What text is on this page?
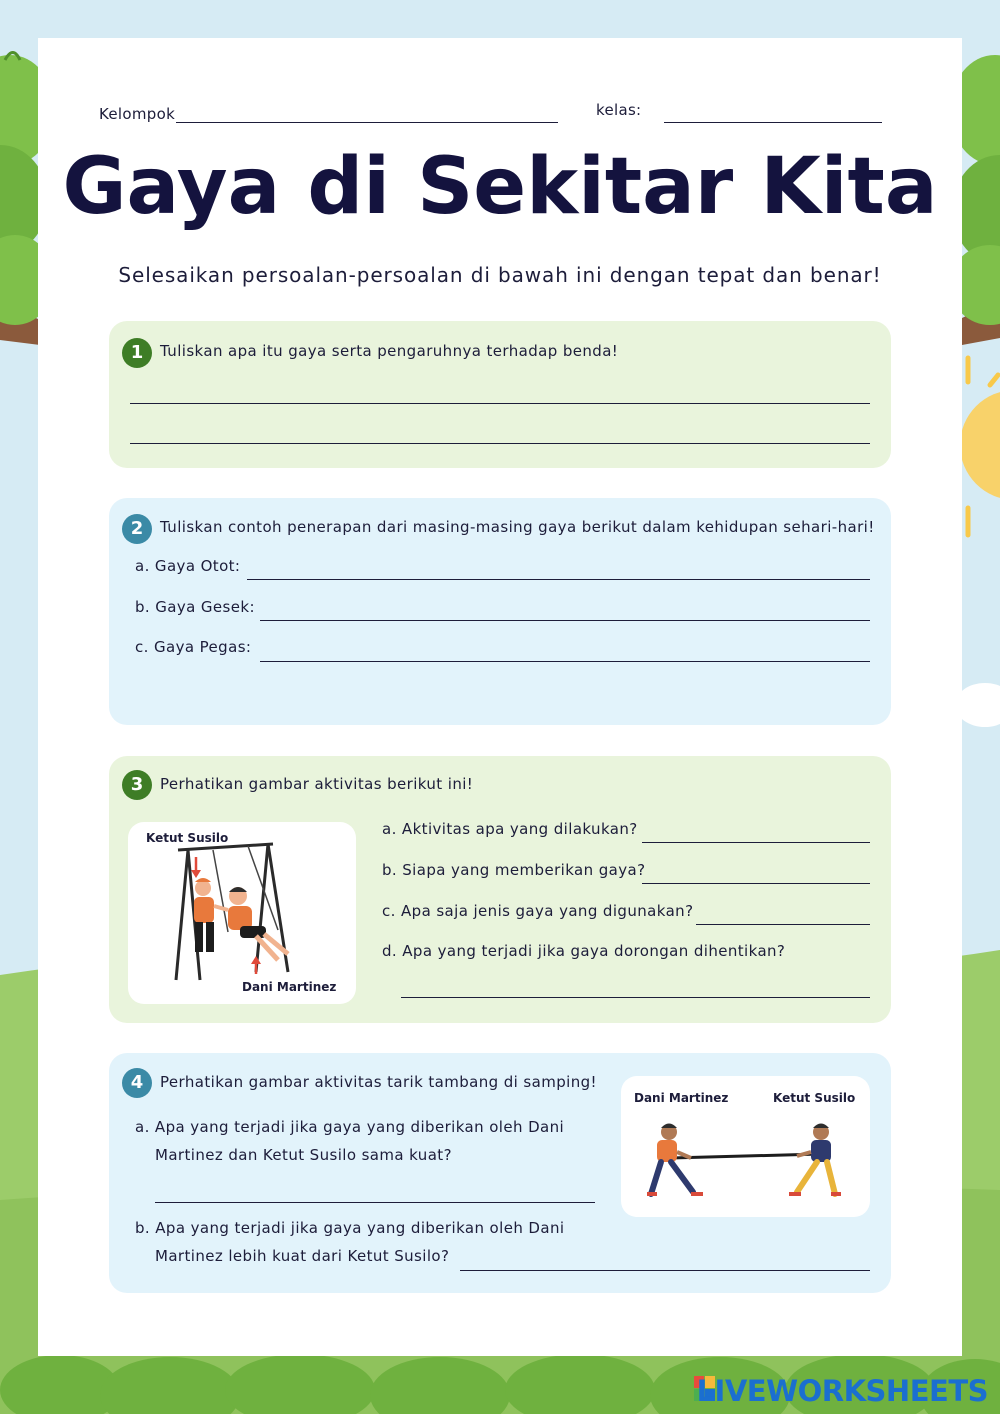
Kelompok	kelas:
Gaya di Sekitar Kita

Selesaikan persoalan-persoalan di bawah ini dengan tepat dan benar!

1	Tuliskan apa itu gaya serta pengaruhnya terhadap benda!
2	Tuliskan contoh penerapan dari masing-masing gaya berikut dalam kehidupan sehari-hari!
a. Gaya Otot:
b. Gaya Gesek:
c. Gaya Pegas:
3	Perhatikan gambar aktivitas berikut ini!
Ketut Susilo
Dani Martinez
a. Aktivitas apa yang dilakukan?
b. Siapa yang memberikan gaya?
c. Apa saja jenis gaya yang digunakan?
d. Apa yang terjadi jika gaya dorongan dihentikan?
4	Perhatikan gambar aktivitas tarik tambang di samping!
a. Apa yang terjadi jika gaya yang diberikan oleh Dani
Martinez dan Ketut Susilo sama kuat?
b. Apa yang terjadi jika gaya yang diberikan oleh Dani
Martinez lebih kuat dari Ketut Susilo?
Dani Martinez	Ketut Susilo
LIVEWORKSHEETS
